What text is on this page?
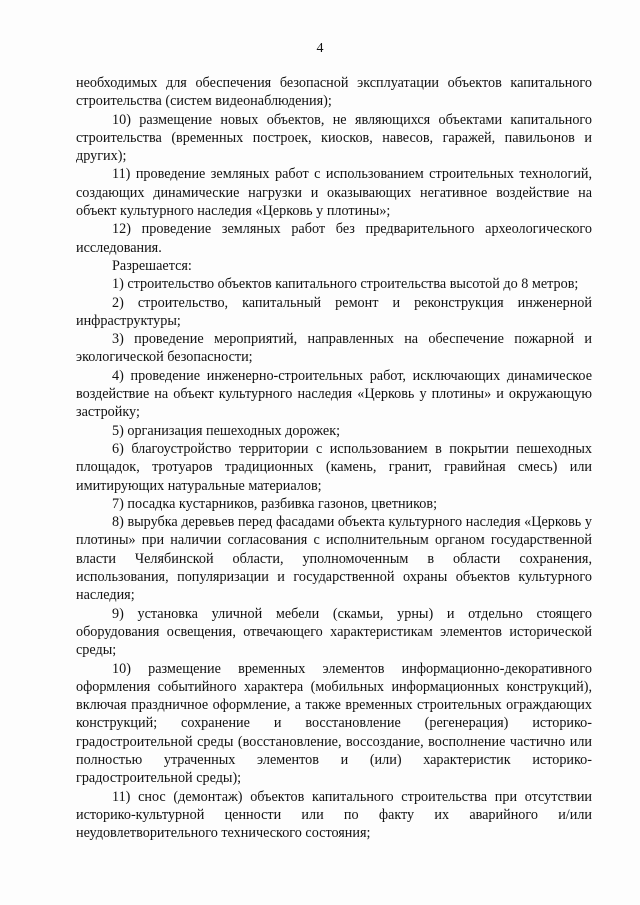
4

необходимых для обеспечения безопасной эксплуатации объектов капитального строительства (систем видеонаблюдения);

10) размещение новых объектов, не являющихся объектами капитального строительства (временных построек, киосков, навесов, гаражей, павильонов и других);

11) проведение земляных работ с использованием строительных технологий, создающих динамические нагрузки и оказывающих негативное воздействие на объект культурного наследия «Церковь у плотины»;

12) проведение земляных работ без предварительного археологического исследования.

Разрешается:

1) строительство объектов капитального строительства высотой до 8 метров;

2) строительство, капитальный ремонт и реконструкция инженерной инфраструктуры;

3) проведение мероприятий, направленных на обеспечение пожарной и экологической безопасности;

4) проведение инженерно-строительных работ, исключающих динамическое воздействие на объект культурного наследия «Церковь у плотины» и окружающую застройку;

5) организация пешеходных дорожек;

6) благоустройство территории с использованием в покрытии пешеходных площадок, тротуаров традиционных (камень, гранит, гравийная смесь) или имитирующих натуральные материалов;

7) посадка кустарников, разбивка газонов, цветников;

8) вырубка деревьев перед фасадами объекта культурного наследия «Церковь у плотины» при наличии согласования с исполнительным органом государственной власти Челябинской области, уполномоченным в области сохранения, использования, популяризации и государственной охраны объектов культурного наследия;

9) установка уличной мебели (скамьи, урны) и отдельно стоящего оборудования освещения, отвечающего характеристикам элементов исторической среды;

10) размещение временных элементов информационно-декоративного оформления событийного характера (мобильных информационных конструкций), включая праздничное оформление, а также временных строительных ограждающих конструкций; сохранение и восстановление (регенерация) историко-градостроительной среды (восстановление, воссоздание, восполнение частично или полностью утраченных элементов и (или) характеристик историко-градостроительной среды);

11) снос (демонтаж) объектов капитального строительства при отсутствии историко-культурной ценности или по факту их аварийного и/или неудовлетворительного технического состояния;
